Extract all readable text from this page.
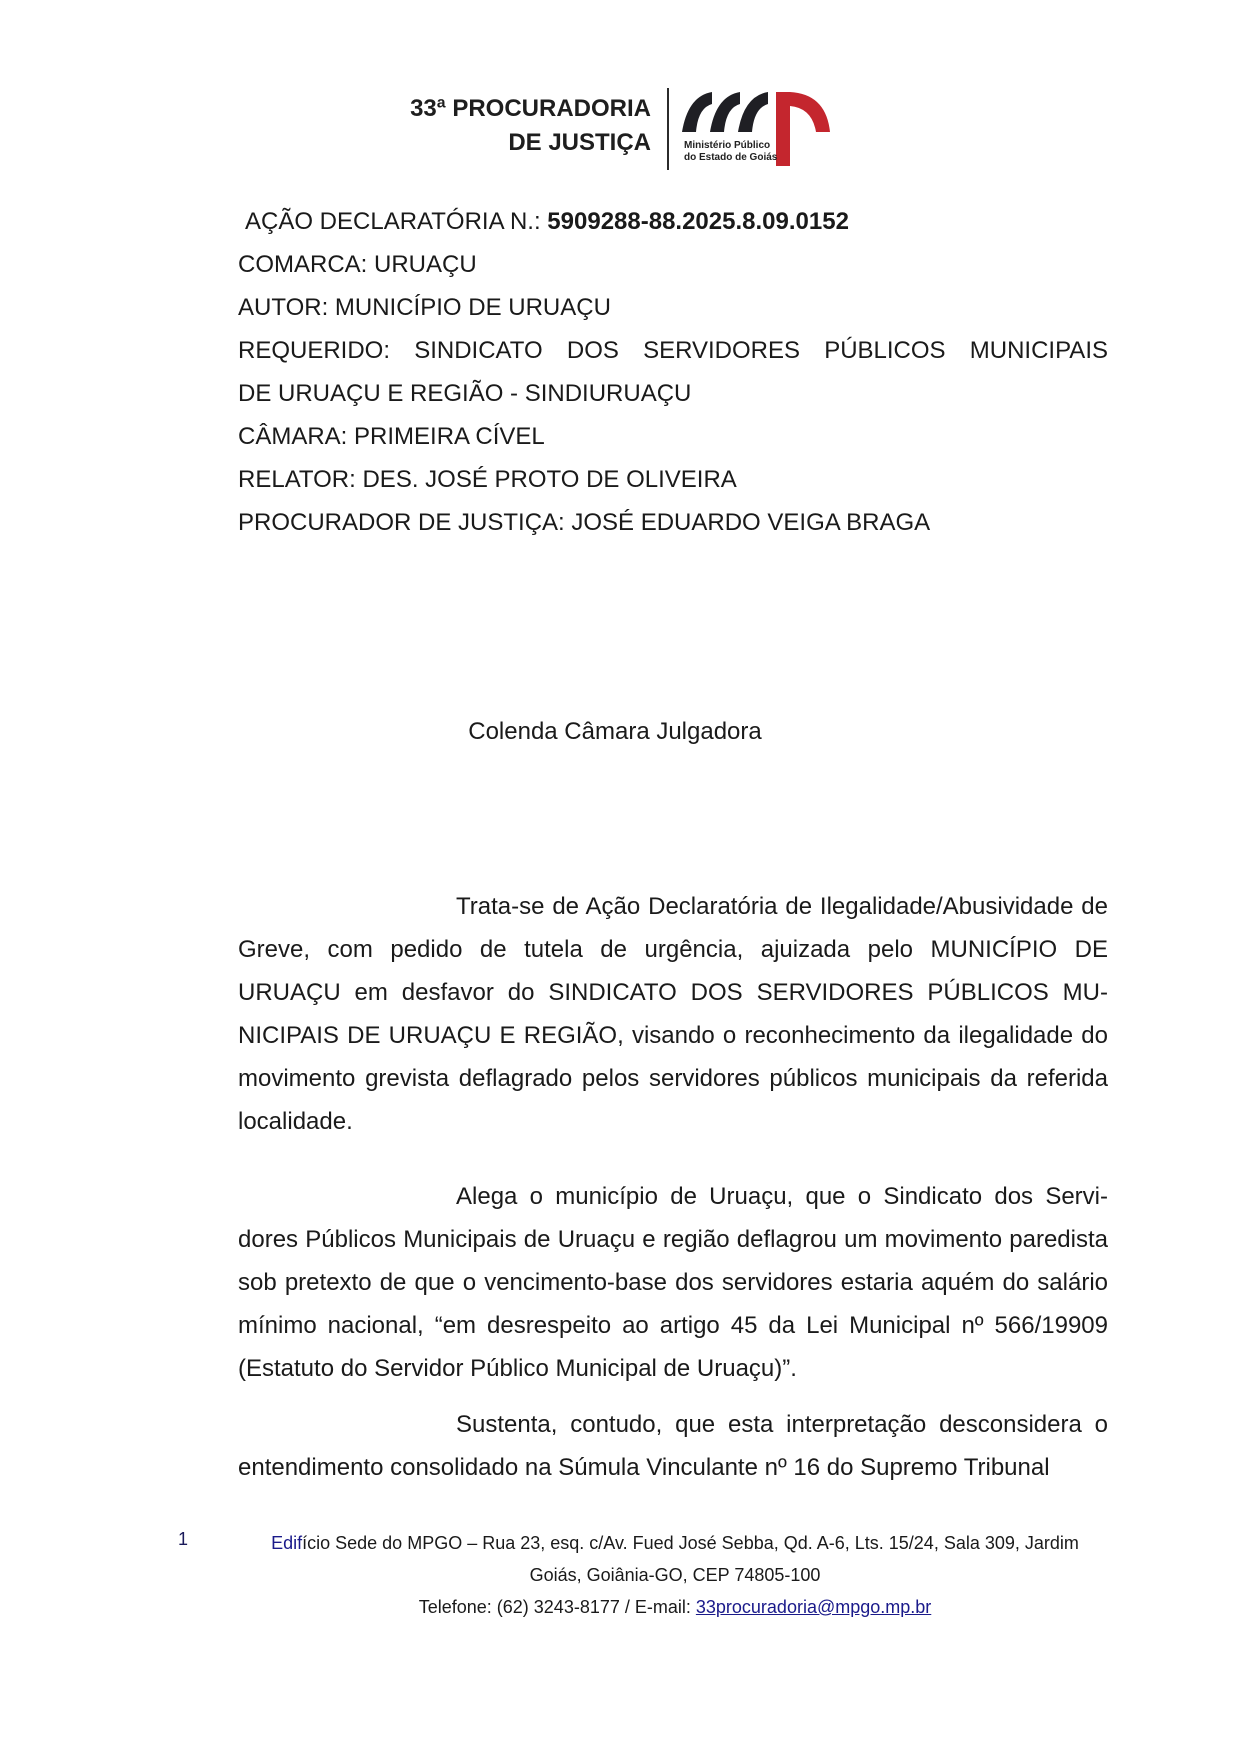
33ª PROCURADORIA
DE JUSTIÇA	Ministério Público
do Estado de Goiás
AÇÃO DECLARATÓRIA N.: 5909288-88.2025.8.09.0152
COMARCA: URUAÇU
AUTOR: MUNICÍPIO DE URUAÇU
REQUERIDO: SINDICATO DOS SERVIDORES PÚBLICOS MUNICIPAIS
DE URUAÇU E REGIÃO - SINDIURUAÇU
CÂMARA: PRIMEIRA CÍVEL
RELATOR: DES. JOSÉ PROTO DE OLIVEIRA
PROCURADOR DE JUSTIÇA: JOSÉ EDUARDO VEIGA BRAGA
Colenda Câmara Julgadora

Trata-se de Ação Declaratória de Ilegalidade/Abusividade de Greve, com pedido de tutela de urgência, ajuizada pelo MUNICÍPIO DE URUAÇU em desfavor do SINDICATO DOS SERVIDORES PÚBLICOS MUNICIPAIS DE URUAÇU E REGIÃO, visando o reconhecimento da ilegalidade do movimento grevista deflagrado pelos servidores públicos municipais da referida localidade.

Alega o município de Uruaçu, que o Sindicato dos Servidores Públicos Municipais de Uruaçu e região deflagrou um movimento paredista sob pretexto de que o vencimento-base dos servidores estaria aquém do salário mínimo nacional, “em desrespeito ao artigo 45 da Lei Municipal nº 566/19909 (Estatuto do Servidor Público Municipal de Uruaçu)”.

Sustenta, contudo, que esta interpretação desconsidera o entendimento consolidado na Súmula Vinculante nº 16 do Supremo Tribunal

1	Edifício Sede do MPGO – Rua 23, esq. c/Av. Fued José Sebba, Qd. A-6, Lts. 15/24, Sala 309, Jardim
Goiás, Goiânia-GO, CEP 74805-100
Telefone: (62) 3243-8177 / E-mail: 33procuradoria@mpgo.mp.br
